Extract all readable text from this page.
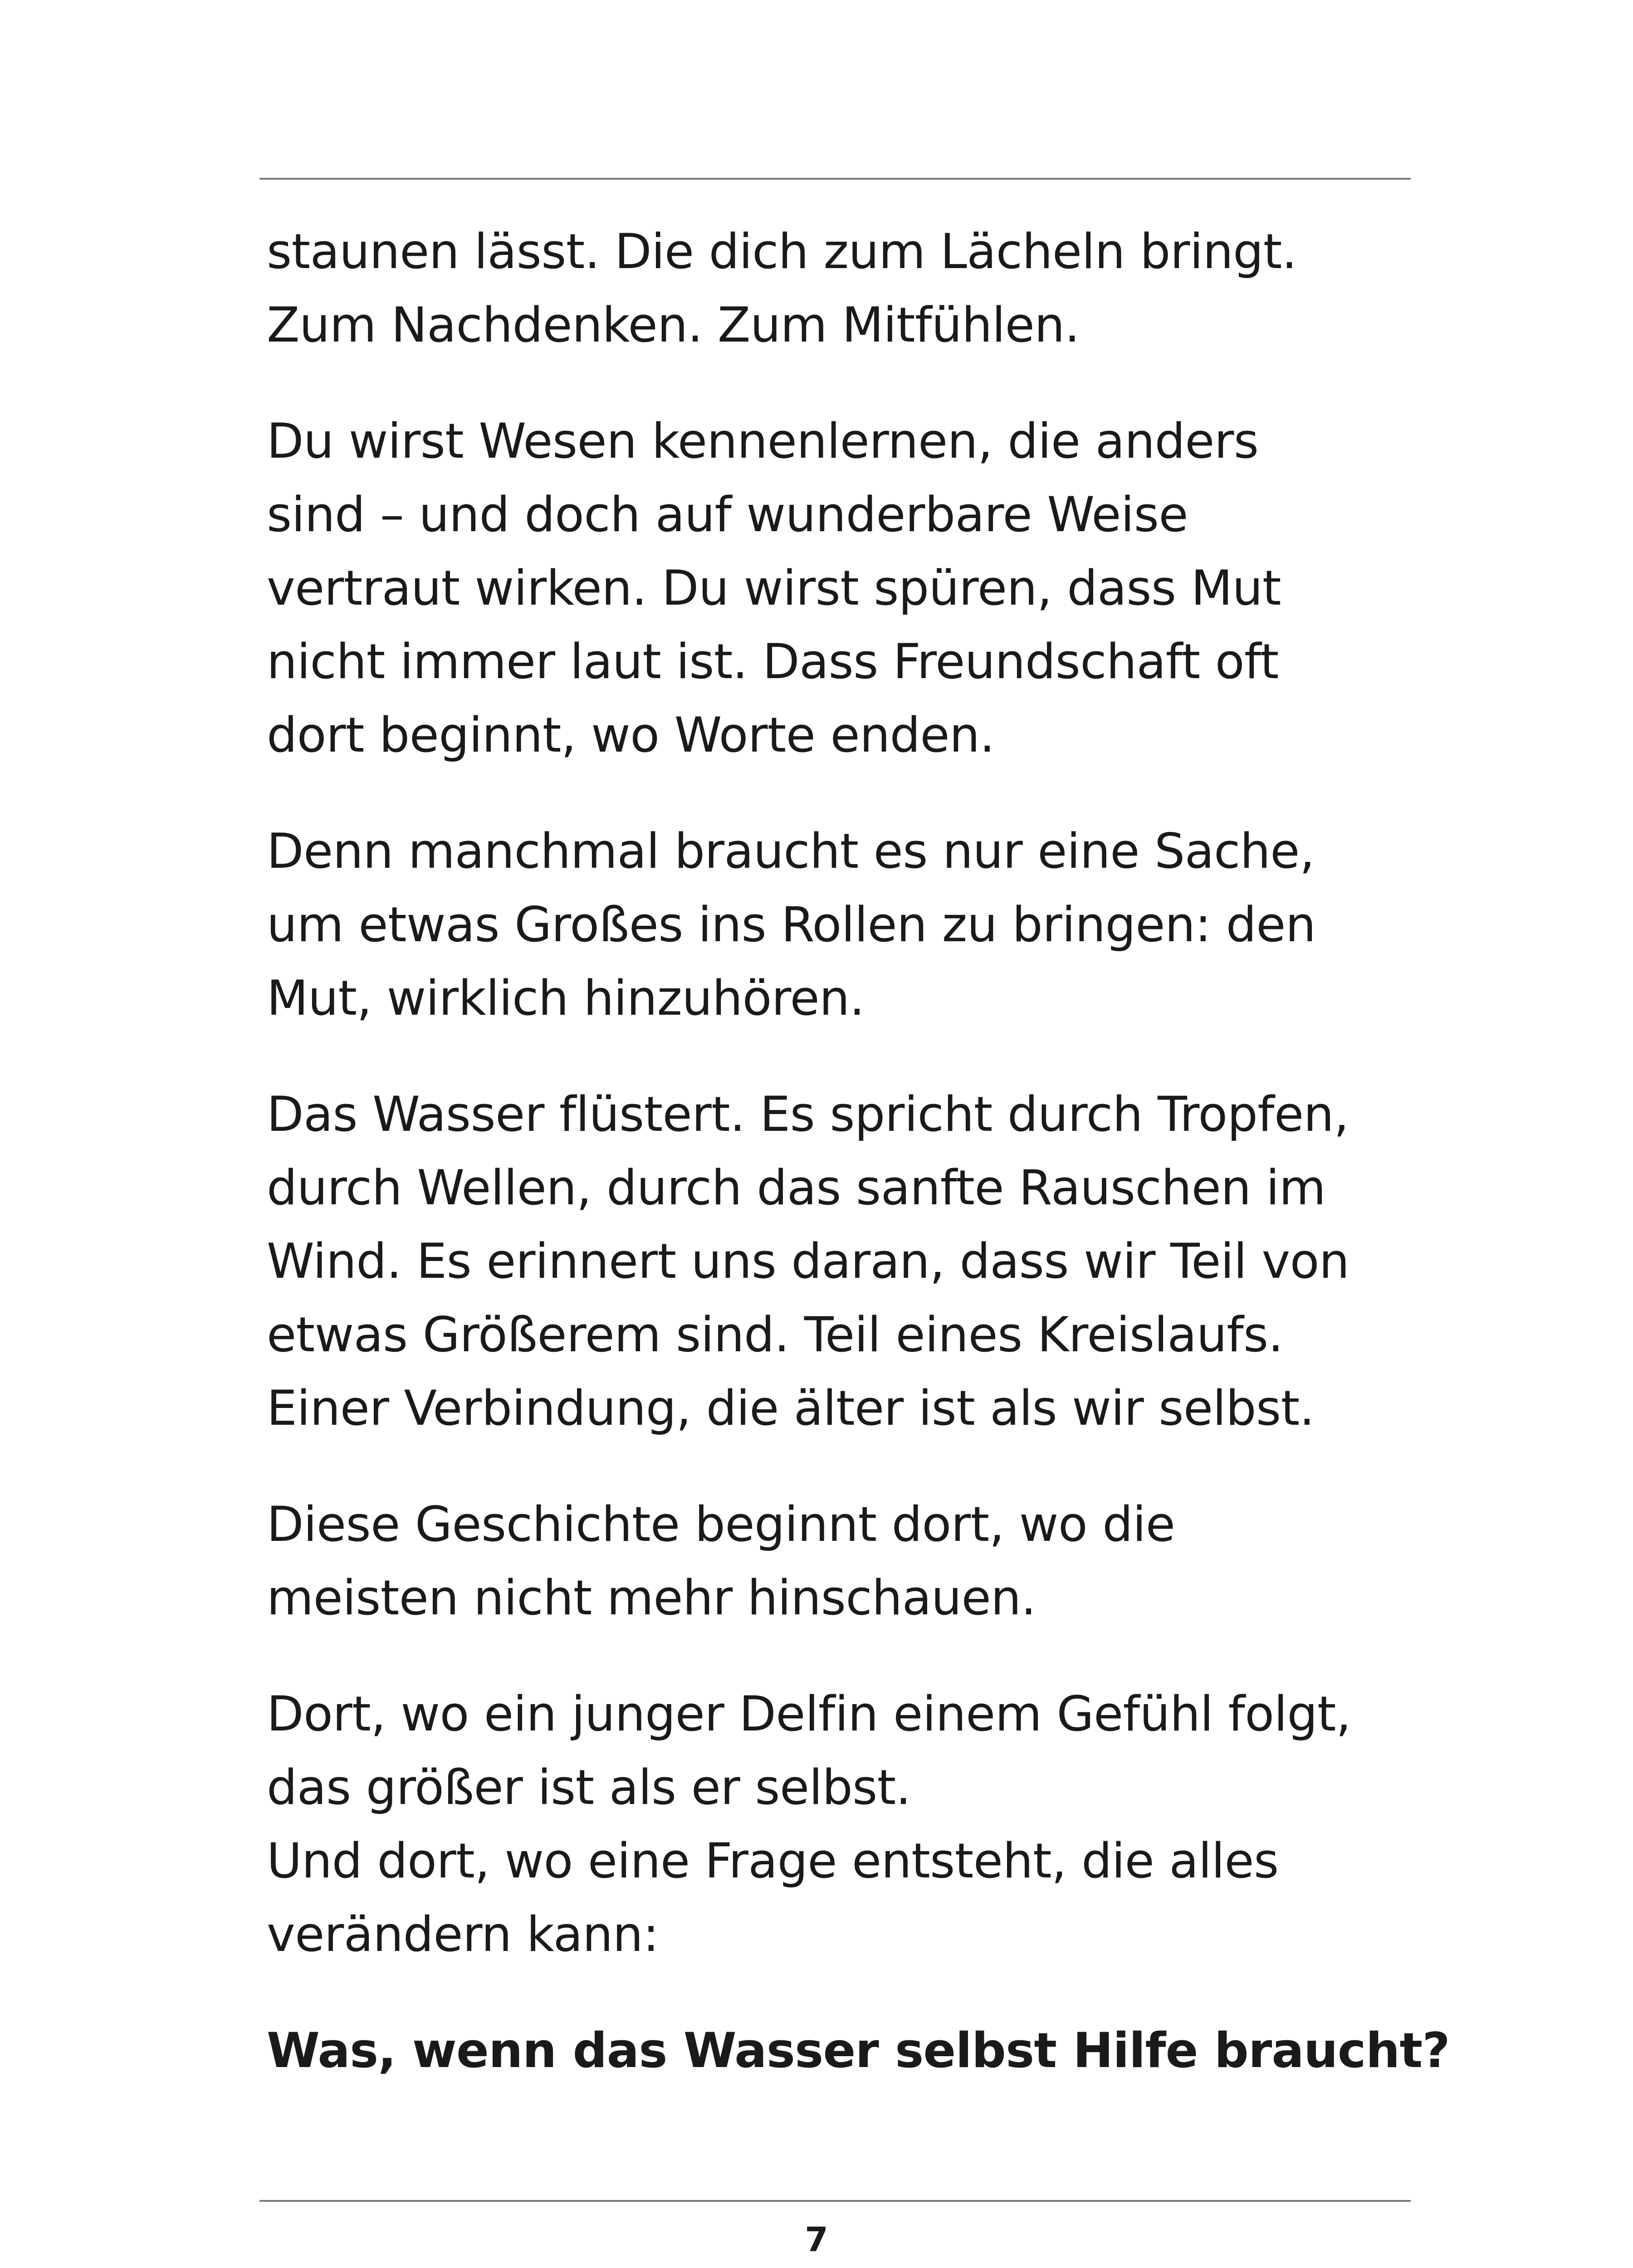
staunen lässt. Die dich zum Lächeln bringt.
Zum Nachdenken. Zum Mitfühlen.

Du wirst Wesen kennenlernen, die anders
sind – und doch auf wunderbare Weise
vertraut wirken. Du wirst spüren, dass Mut
nicht immer laut ist. Dass Freundschaft oft
dort beginnt, wo Worte enden.

Denn manchmal braucht es nur eine Sache,
um etwas Großes ins Rollen zu bringen: den
Mut, wirklich hinzuhören.

Das Wasser flüstert. Es spricht durch Tropfen,
durch Wellen, durch das sanfte Rauschen im
Wind. Es erinnert uns daran, dass wir Teil von
etwas Größerem sind. Teil eines Kreislaufs.
Einer Verbindung, die älter ist als wir selbst.

Diese Geschichte beginnt dort, wo die
meisten nicht mehr hinschauen.

Dort, wo ein junger Delfin einem Gefühl folgt,
das größer ist als er selbst.
Und dort, wo eine Frage entsteht, die alles
verändern kann:

Was, wenn das Wasser selbst Hilfe braucht?

7
